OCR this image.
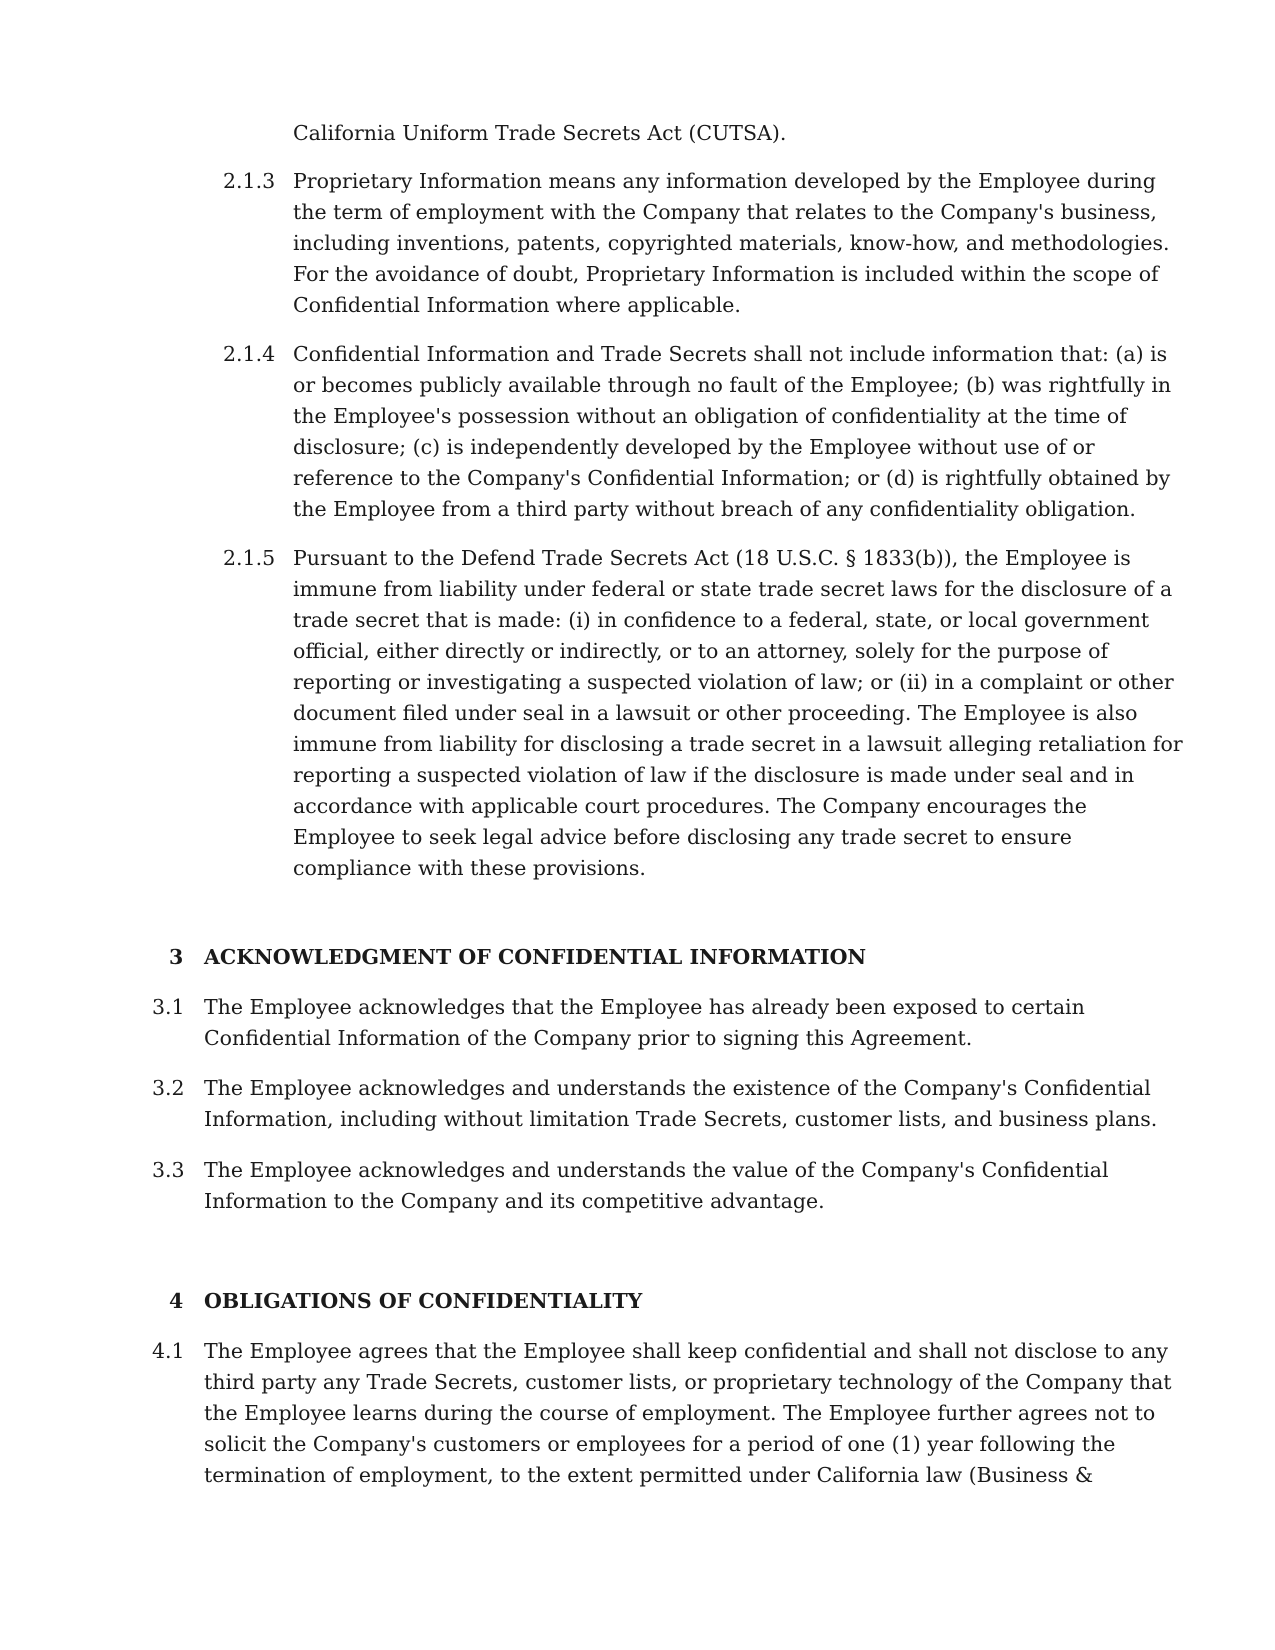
California Uniform Trade Secrets Act (CUTSA).
2.1.3 Proprietary Information means any information developed by the Employee during
the term of employment with the Company that relates to the Company's business,
including inventions, patents, copyrighted materials, know-how, and methodologies.
For the avoidance of doubt, Proprietary Information is included within the scope of
Confidential Information where applicable.
2.1.4 Confidential Information and Trade Secrets shall not include information that: (a) is
or becomes publicly available through no fault of the Employee; (b) was rightfully in
the Employee's possession without an obligation of confidentiality at the time of
disclosure; (c) is independently developed by the Employee without use of or
reference to the Company's Confidential Information; or (d) is rightfully obtained by
the Employee from a third party without breach of any confidentiality obligation.
2.1.5 Pursuant to the Defend Trade Secrets Act (18 U.S.C. § 1833(b)), the Employee is
immune from liability under federal or state trade secret laws for the disclosure of a
trade secret that is made: (i) in confidence to a federal, state, or local government
official, either directly or indirectly, or to an attorney, solely for the purpose of
reporting or investigating a suspected violation of law; or (ii) in a complaint or other
document filed under seal in a lawsuit or other proceeding. The Employee is also
immune from liability for disclosing a trade secret in a lawsuit alleging retaliation for
reporting a suspected violation of law if the disclosure is made under seal and in
accordance with applicable court procedures. The Company encourages the
Employee to seek legal advice before disclosing any trade secret to ensure
compliance with these provisions.
3 ACKNOWLEDGMENT OF CONFIDENTIAL INFORMATION
3.1 The Employee acknowledges that the Employee has already been exposed to certain
Confidential Information of the Company prior to signing this Agreement.
3.2 The Employee acknowledges and understands the existence of the Company's Confidential
Information, including without limitation Trade Secrets, customer lists, and business plans.
3.3 The Employee acknowledges and understands the value of the Company's Confidential
Information to the Company and its competitive advantage.
4 OBLIGATIONS OF CONFIDENTIALITY
4.1 The Employee agrees that the Employee shall keep confidential and shall not disclose to any
third party any Trade Secrets, customer lists, or proprietary technology of the Company that
the Employee learns during the course of employment. The Employee further agrees not to
solicit the Company's customers or employees for a period of one (1) year following the
termination of employment, to the extent permitted under California law (Business &
